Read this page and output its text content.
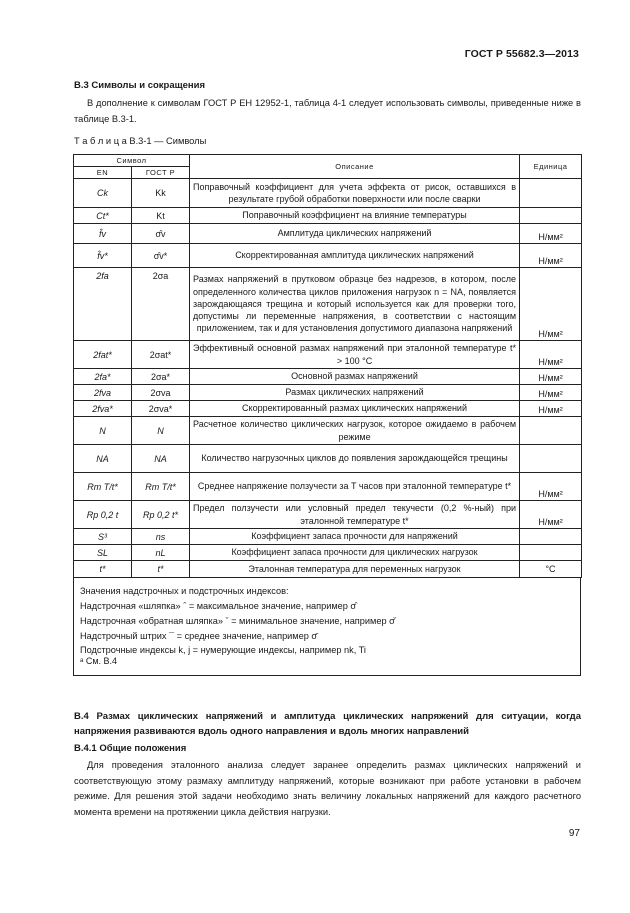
ГОСТ Р 55682.3—2013
В.3 Символы и сокращения
В дополнение к символам ГОСТ Р ЕН 12952-1, таблица 4-1 следует использовать символы, приведенные ниже в таблице В.3-1.
Т а б л и ц а В.3-1 — Символы
Символ		Описание	Единица
EN	ГОСТ Р		
Ck	Kk	Поправочный коэффициент для учета эффекта от рисок, оставшихся в результате грубой обработки поверхности или после сварки	
Ct*	Kt	Поправочный коэффициент на влияние температуры	
f̂v	σ̂v	Амплитуда циклических напряжений	Н/мм²
f̂v*	σ̂v*	Скорректированная амплитуда циклических напряжений	Н/мм²
2fa	2σa	Размах напряжений в прутковом образце без надрезов, в котором, после определенного количества циклов приложения нагрузок n = NA, появляется зарождающаяся трещина и который используется как для проверки того, допустимы ли переменные напряжения, в соответствии с настоящим приложением, так и для установления допустимого диапазона напряжений	Н/мм²
2fat*	2σat*	Эффективный основной размах напряжений при эталонной температуре t* > 100 °С	Н/мм²
2fa*	2σa*	Основной размах напряжений	Н/мм²
2fva	2σva	Размах циклических напряжений	Н/мм²
2fva*	2σva*	Скорректированный размах циклических напряжений	Н/мм²
N	N	Расчетное количество циклических нагрузок, которое ожидаемо в рабочем режиме	
NA	NA	Количество нагрузочных циклов до появления зарождающейся трещины	
Rm T/t*	Rm T/t*	Среднее напряжение ползучести за T часов при эталонной температуре t*	Н/мм²
Rp 0,2 t	Rp 0,2 t*	Предел ползучести или условный предел текучести (0,2 %-ный) при эталонной температуре t*	Н/мм²
S³	ns	Коэффициент запаса прочности для напряжений	
SL	nL	Коэффициент запаса прочности для циклических нагрузок	
t*	t*	Эталонная температура для переменных нагрузок	°С
Значения надстрочных и подстрочных индексов:
Надстрочная «шляпка» ˆ = максимальное значение, например σ̂
Надстрочная «обратная шляпка» ˇ = минимальное значение, например σ̌
Надстрочный штрих ¯ = среднее значение, например σ̄
Подстрочные индексы k, j = нумерующие индексы, например nk, Ti
ᵃ См. В.4
В.4 Размах циклических напряжений и амплитуда циклических напряжений для ситуации, когда напряжения развиваются вдоль одного направления и вдоль многих направлений
В.4.1 Общие положения
Для проведения эталонного анализа следует заранее определить размах циклических напряжений и соответствующую этому размаху амплитуду напряжений, которые возникают при работе установки в рабочем режиме. Для решения этой задачи необходимо знать величину локальных напряжений для каждого расчетного момента времени на протяжении цикла действия нагрузки.
97
